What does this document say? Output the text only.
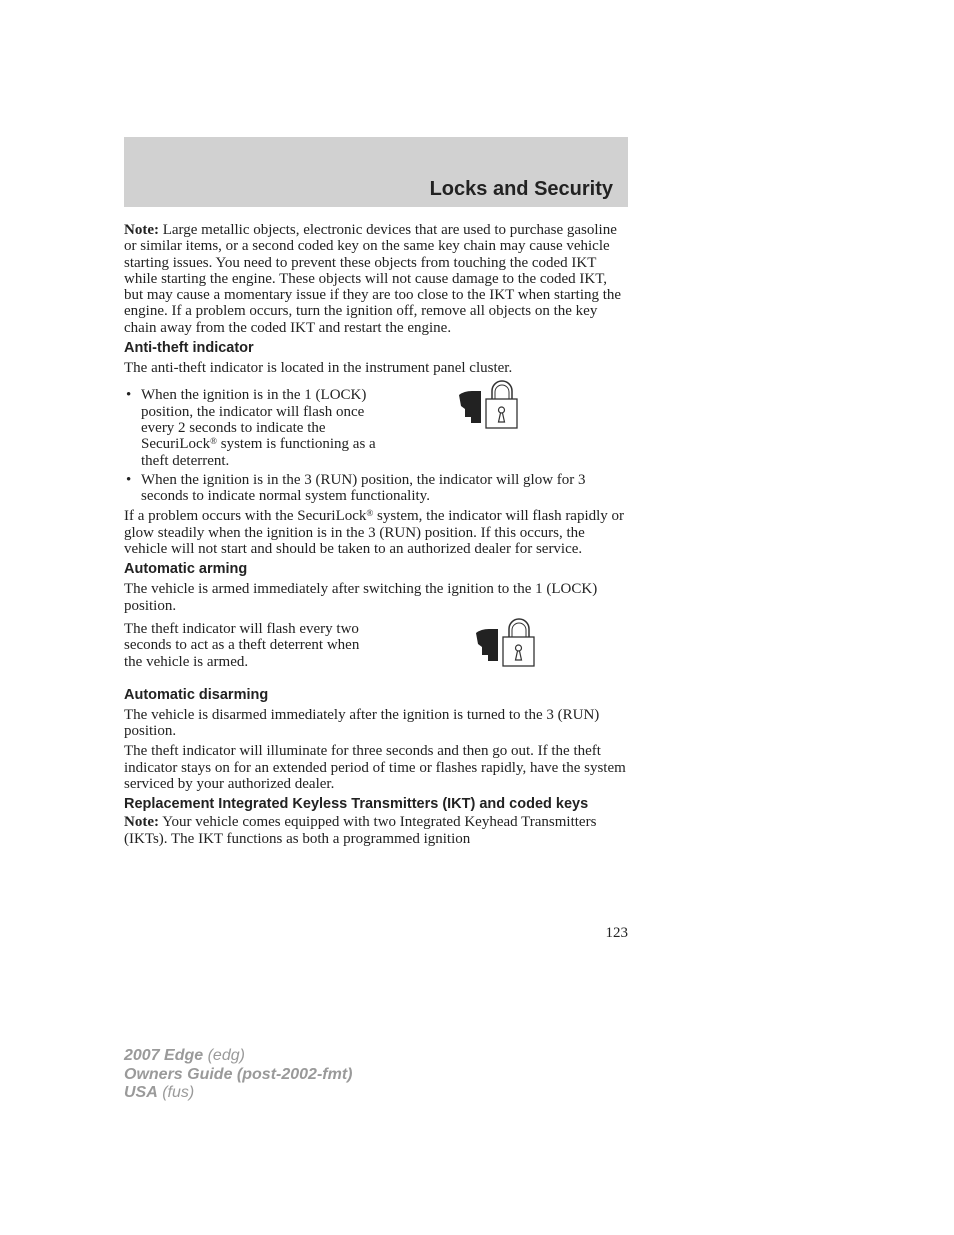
Locks and Security

Note: Large metallic objects, electronic devices that are used to purchase gasoline or similar items, or a second coded key on the same key chain may cause vehicle starting issues. You need to prevent these objects from touching the coded IKT while starting the engine. These objects will not cause damage to the coded IKT, but may cause a momentary issue if they are too close to the IKT when starting the engine. If a problem occurs, turn the ignition off, remove all objects on the key chain away from the coded IKT and restart the engine.

Anti-theft indicator

The anti-theft indicator is located in the instrument panel cluster.

• When the ignition is in the 1 (LOCK) position, the indicator will flash once every 2 seconds to indicate the SecuriLock® system is functioning as a theft deterrent.
• When the ignition is in the 3 (RUN) position, the indicator will glow for 3 seconds to indicate normal system functionality.

If a problem occurs with the SecuriLock® system, the indicator will flash rapidly or glow steadily when the ignition is in the 3 (RUN) position. If this occurs, the vehicle will not start and should be taken to an authorized dealer for service.

Automatic arming

The vehicle is armed immediately after switching the ignition to the 1 (LOCK) position.

The theft indicator will flash every two seconds to act as a theft deterrent when the vehicle is armed.

Automatic disarming

The vehicle is disarmed immediately after the ignition is turned to the 3 (RUN) position.

The theft indicator will illuminate for three seconds and then go out. If the theft indicator stays on for an extended period of time or flashes rapidly, have the system serviced by your authorized dealer.

Replacement Integrated Keyless Transmitters (IKT) and coded keys

Note: Your vehicle comes equipped with two Integrated Keyhead Transmitters (IKTs). The IKT functions as both a programmed ignition

123
2007 Edge (edg)
Owners Guide (post-2002-fmt)
USA (fus)
